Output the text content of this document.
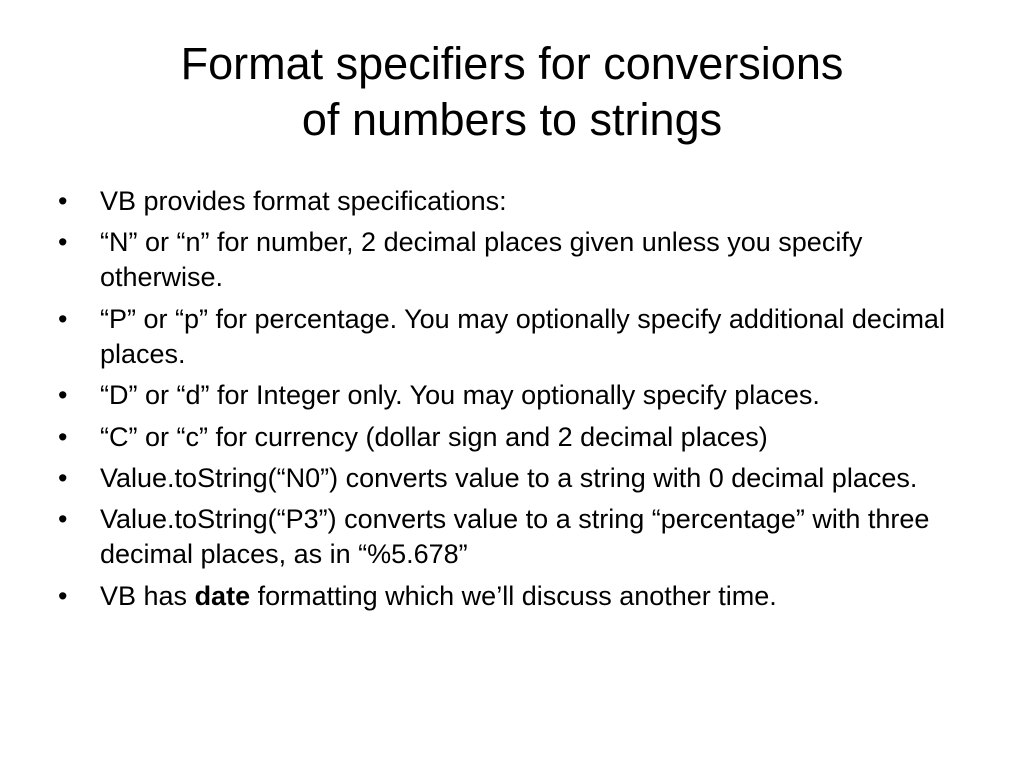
Format specifiers for conversions
of numbers to strings
•	VB provides format specifications:
•	“N” or “n” for number, 2 decimal places given unless you specify otherwise.
•	“P” or “p” for percentage. You may optionally specify additional decimal places.
•	“D” or “d” for Integer only. You may optionally specify places.
•	“C” or “c” for currency (dollar sign and 2 decimal places)
•	Value.toString(“N0”) converts value to a string with 0 decimal places.
•	Value.toString(“P3”) converts value to a string “percentage” with three decimal places, as in “%5.678”
•	VB has date formatting which we’ll discuss another time.
